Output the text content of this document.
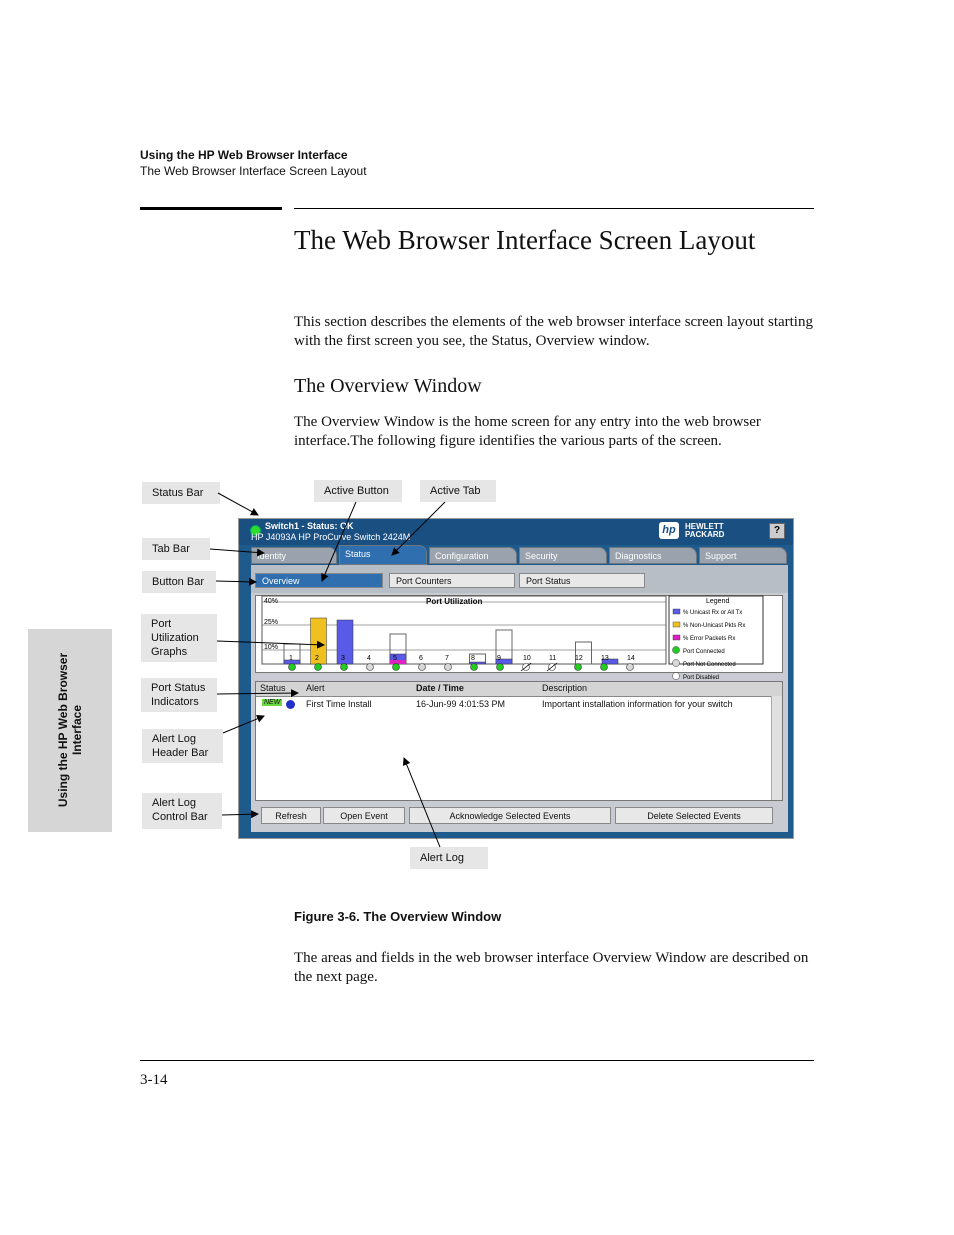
Using the HP Web Browser Interface
The Web Browser Interface Screen Layout
The Web Browser Interface Screen Layout
This section describes the elements of the web browser interface screen layout starting with the first screen you see, the Status, Overview window.
The Overview Window
The Overview Window is the home screen for any entry into the web browser interface.The following figure identifies the various parts of the screen.
Using the HP Web Browser Interface
Status Bar	Active Button	Active Tab
Tab Bar
Button Bar
Port
Utilization
Graphs
Port Status
Indicators
Alert Log
Header Bar
Alert Log
Control Bar
Alert Log
Switch1 - Status: OK
HP J4093A HP ProCurve Switch 2424M
hp	HEWLETT
PACKARD	?
Identity	Status	Configuration	Security	Diagnostics	Support
Overview	Port Counters	Port Status
Port Utilization
40%
25%
10%
Legend
% Unicast Rx or All Tx
% Non-Unicast Pkts Rx
% Error Packets Rx
Port Connected
Port Not Connected
Port Disabled
1	2	3	4	5	6	7	8	9	10	11	12	13	14
Status Alert	Date / Time	Description
NEW	First Time Install	16-Jun-99 4:01:53 PM	Important installation information for your switch
Refresh	Open Event	Acknowledge Selected Events	Delete Selected Events
Figure 3-6. The Overview Window
The areas and fields in the web browser interface Overview Window are described on the next page.
3-14
